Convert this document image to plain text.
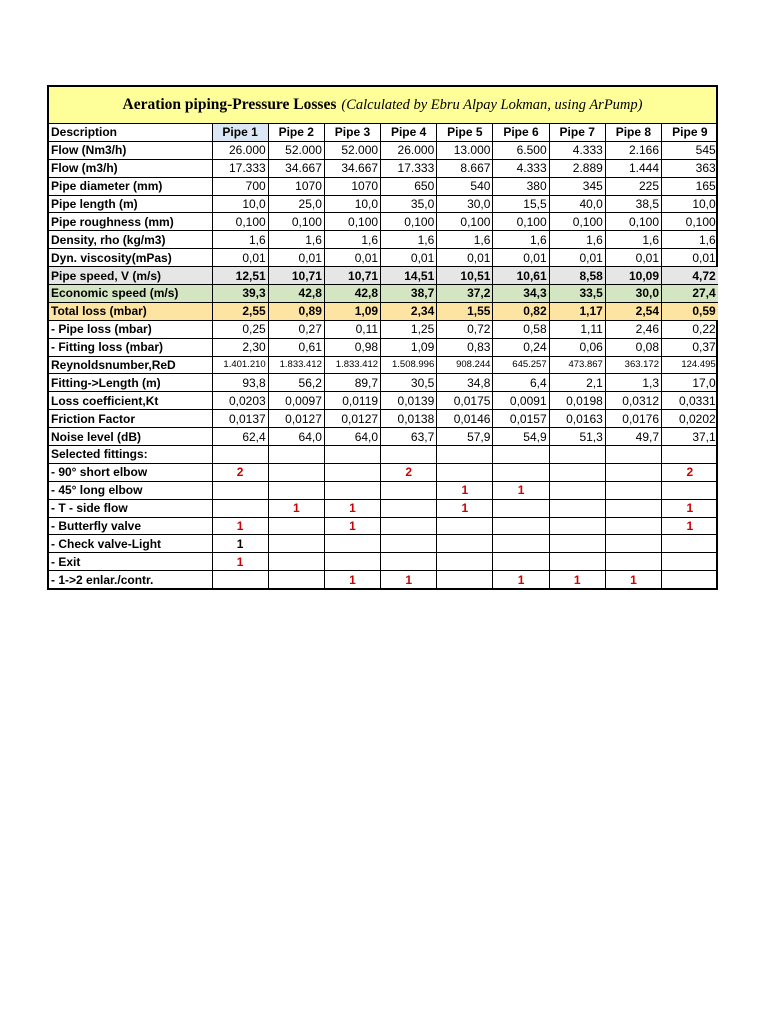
Aeration piping-Pressure Losses (Calculated by Ebru Alpay Lokman, using ArPump)
Description	Pipe 1	Pipe 2	Pipe 3	Pipe 4	Pipe 5	Pipe 6	Pipe 7	Pipe 8	Pipe 9
Flow (Nm3/h)	26.000	52.000	52.000	26.000	13.000	6.500	4.333	2.166	545
Flow (m3/h)	17.333	34.667	34.667	17.333	8.667	4.333	2.889	1.444	363
Pipe diameter (mm)	700	1070	1070	650	540	380	345	225	165
Pipe length (m)	10,0	25,0	10,0	35,0	30,0	15,5	40,0	38,5	10,0
Pipe roughness (mm)	0,100	0,100	0,100	0,100	0,100	0,100	0,100	0,100	0,100
Density, rho (kg/m3)	1,6	1,6	1,6	1,6	1,6	1,6	1,6	1,6	1,6
Dyn. viscosity(mPas)	0,01	0,01	0,01	0,01	0,01	0,01	0,01	0,01	0,01
Pipe speed, V (m/s)	12,51	10,71	10,71	14,51	10,51	10,61	8,58	10,09	4,72
Economic speed (m/s)	39,3	42,8	42,8	38,7	37,2	34,3	33,5	30,0	27,4
Total loss (mbar)	2,55	0,89	1,09	2,34	1,55	0,82	1,17	2,54	0,59
- Pipe loss (mbar)	0,25	0,27	0,11	1,25	0,72	0,58	1,11	2,46	0,22
- Fitting loss (mbar)	2,30	0,61	0,98	1,09	0,83	0,24	0,06	0,08	0,37
Reynoldsnumber,ReD	1.401.210	1.833.412	1.833.412	1.508.996	908.244	645.257	473.867	363.172	124.495
Fitting->Length (m)	93,8	56,2	89,7	30,5	34,8	6,4	2,1	1,3	17,0
Loss coefficient,Kt	0,0203	0,0097	0,0119	0,0139	0,0175	0,0091	0,0198	0,0312	0,0331
Friction Factor	0,0137	0,0127	0,0127	0,0138	0,0146	0,0157	0,0163	0,0176	0,0202
Noise level (dB)	62,4	64,0	64,0	63,7	57,9	54,9	51,3	49,7	37,1
Selected fittings:									
- 90° short elbow	2			2					2
- 45° long elbow					1	1			
- T - side flow		1	1		1				1
- Butterfly valve	1		1						1
- Check valve-Light	1								
- Exit	1								
- 1->2 enlar./contr.			1	1		1	1	1	
